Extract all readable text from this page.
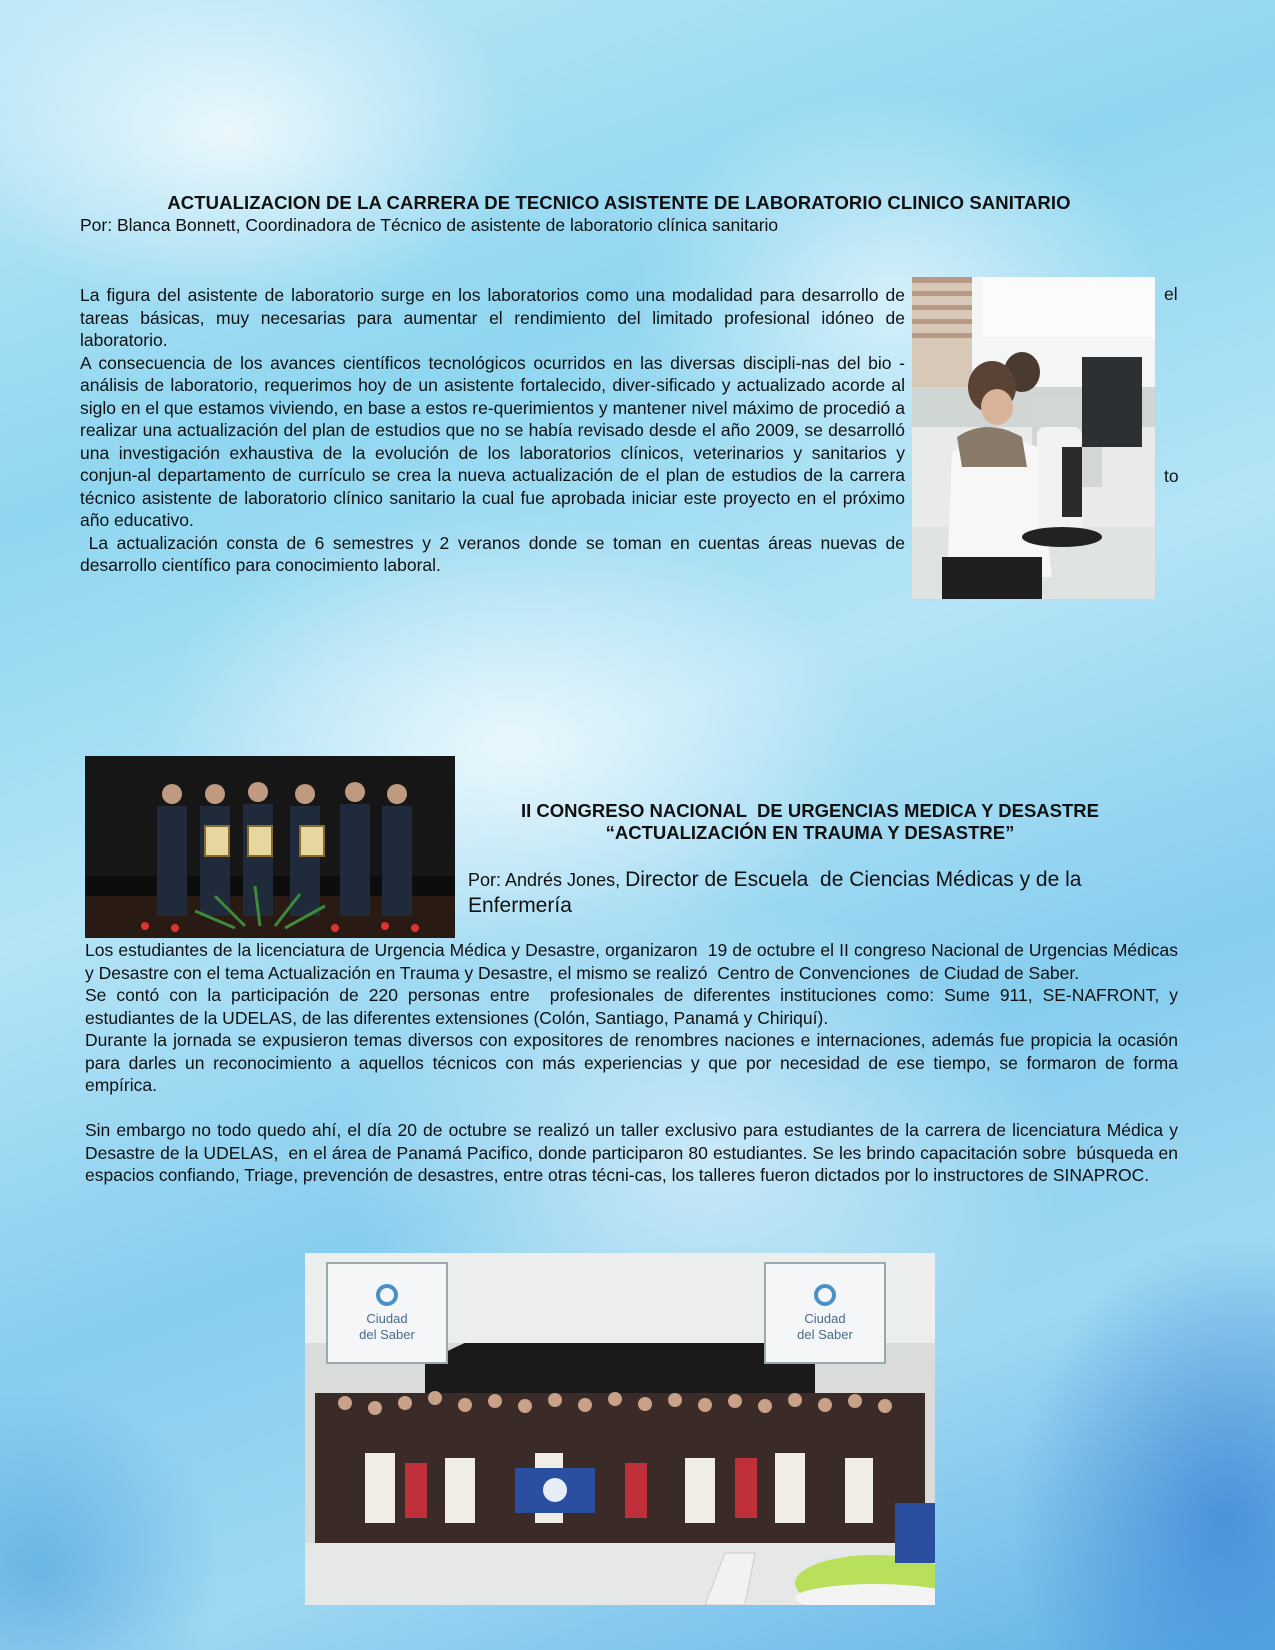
ACTUALIZACION DE LA CARRERA DE TECNICO ASISTENTE DE LABORATORIO CLINICO SANITARIO

Por: Blanca Bonnett, Coordinadora de Técnico de asistente de laboratorio clínica sanitario

La figura del asistente de laboratorio surge en los laboratorios como una modalidad para desarrollo de tareas básicas, muy necesarias para aumentar el rendimiento del limitado profesional idóneo de laboratorio.

A consecuencia de los avances científicos tecnológicos ocurridos en las diversas discipli-nas del bio - análisis de laboratorio, requerimos hoy de un asistente fortalecido, diver-sificado y actualizado acorde al siglo en el que estamos viviendo, en base a estos re-querimientos y mantener nivel máximo de procedió a realizar una actualización del plan de estudios que no se había revisado desde el año 2009, se desarrolló una investigación exhaustiva de la evolución de los laboratorios clínicos, veterinarios y sanitarios y conjun-al departamento de currículo se crea la nueva actualización de el plan de estudios de la carrera técnico asistente de laboratorio clínico sanitario la cual fue aprobada iniciar este proyecto en el próximo año educativo.

La actualización consta de 6 semestres y 2 veranos donde se toman en cuentas áreas nuevas de desarrollo científico para conocimiento laboral.

el
to
II CONGRESO NACIONAL  DE URGENCIAS MEDICA Y DESASTRE
“ACTUALIZACIÓN EN TRAUMA Y DESASTRE”

Por: Andrés Jones, Director de Escuela  de Ciencias Médicas y de la Enfermería

Los estudiantes de la licenciatura de Urgencia Médica y Desastre, organizaron  19 de octubre el II congreso Nacional de Urgencias Médicas y Desastre con el tema Actualización en Trauma y Desastre, el mismo se realizó  Centro de Convenciones  de Ciudad de Saber.

Se contó con la participación de 220 personas entre  profesionales de diferentes instituciones como: Sume 911, SE-NAFRONT, y estudiantes de la UDELAS, de las diferentes extensiones (Colón, Santiago, Panamá y Chiriquí).

Durante la jornada se expusieron temas diversos con expositores de renombres naciones e internaciones, además fue propicia la ocasión para darles un reconocimiento a aquellos técnicos con más experiencias y que por necesidad de ese tiempo, se formaron de forma empírica.

Sin embargo no todo quedo ahí, el día 20 de octubre se realizó un taller exclusivo para estudiantes de la carrera de licenciatura Médica y Desastre de la UDELAS,  en el área de Panamá Pacifico, donde participaron 80 estudiantes. Se les brindo capacitación sobre  búsqueda en espacios confiando, Triage, prevención de desastres, entre otras técni-cas, los talleres fueron dictados por lo instructores de SINAPROC.

Ciudad
del Saber
Ciudad
del Saber
